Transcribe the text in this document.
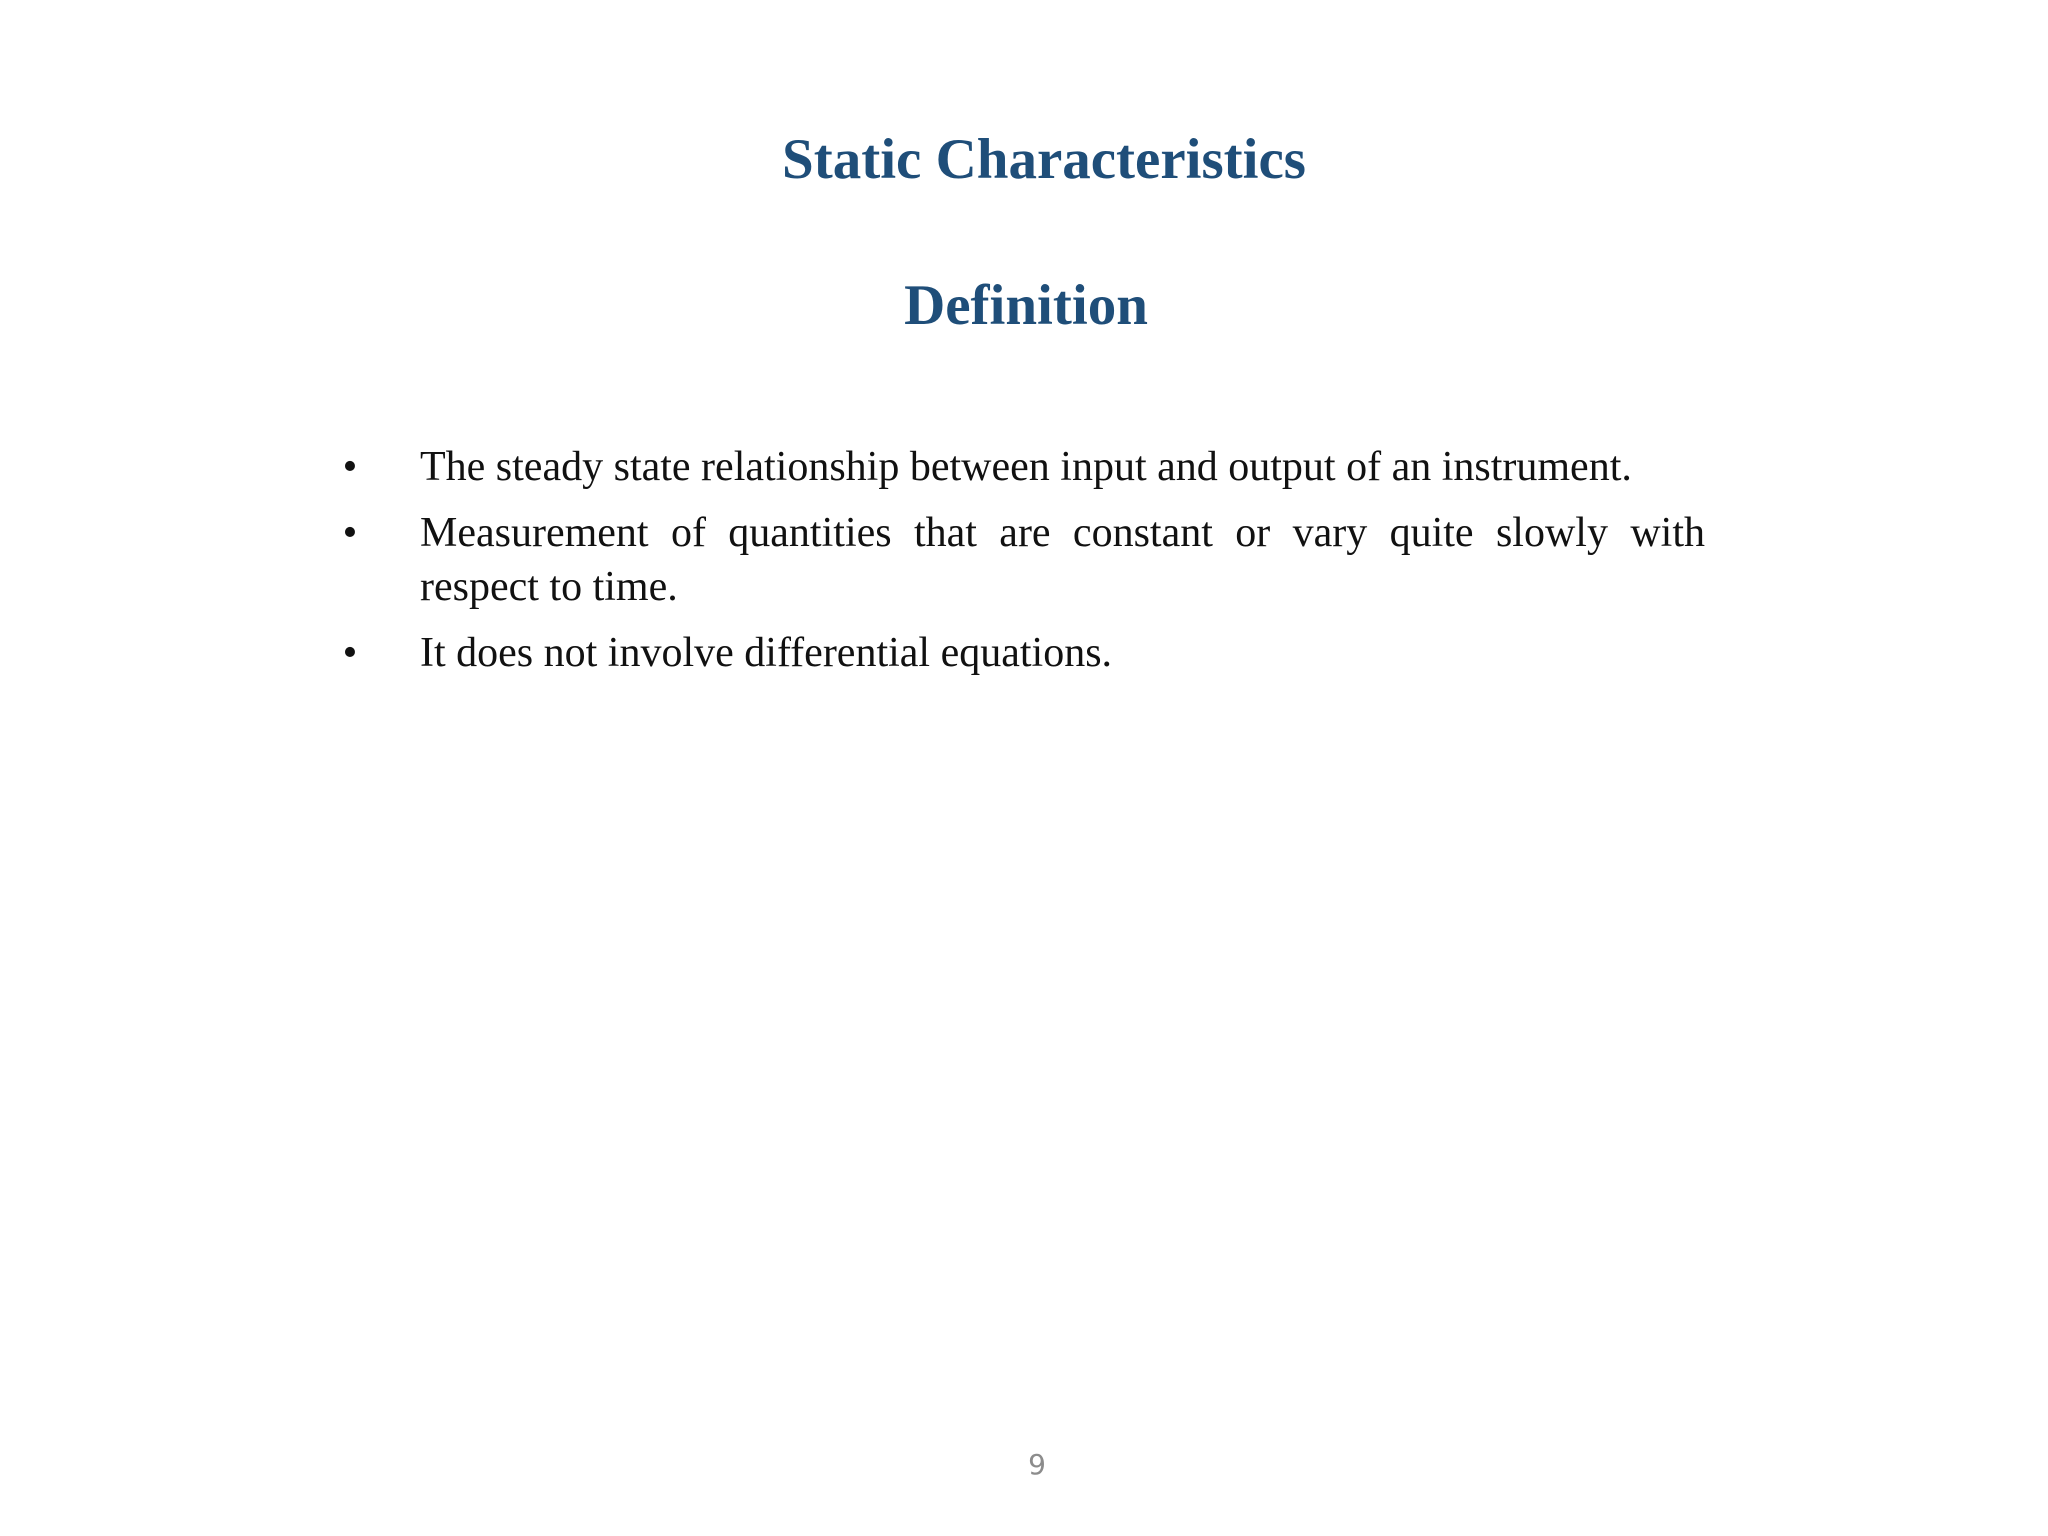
Static Characteristics
Definition
• The steady state relationship between input and output of an instrument.
• Measurement of quantities that are constant or vary quite slowly with respect to time.
• It does not involve differential equations.
9
